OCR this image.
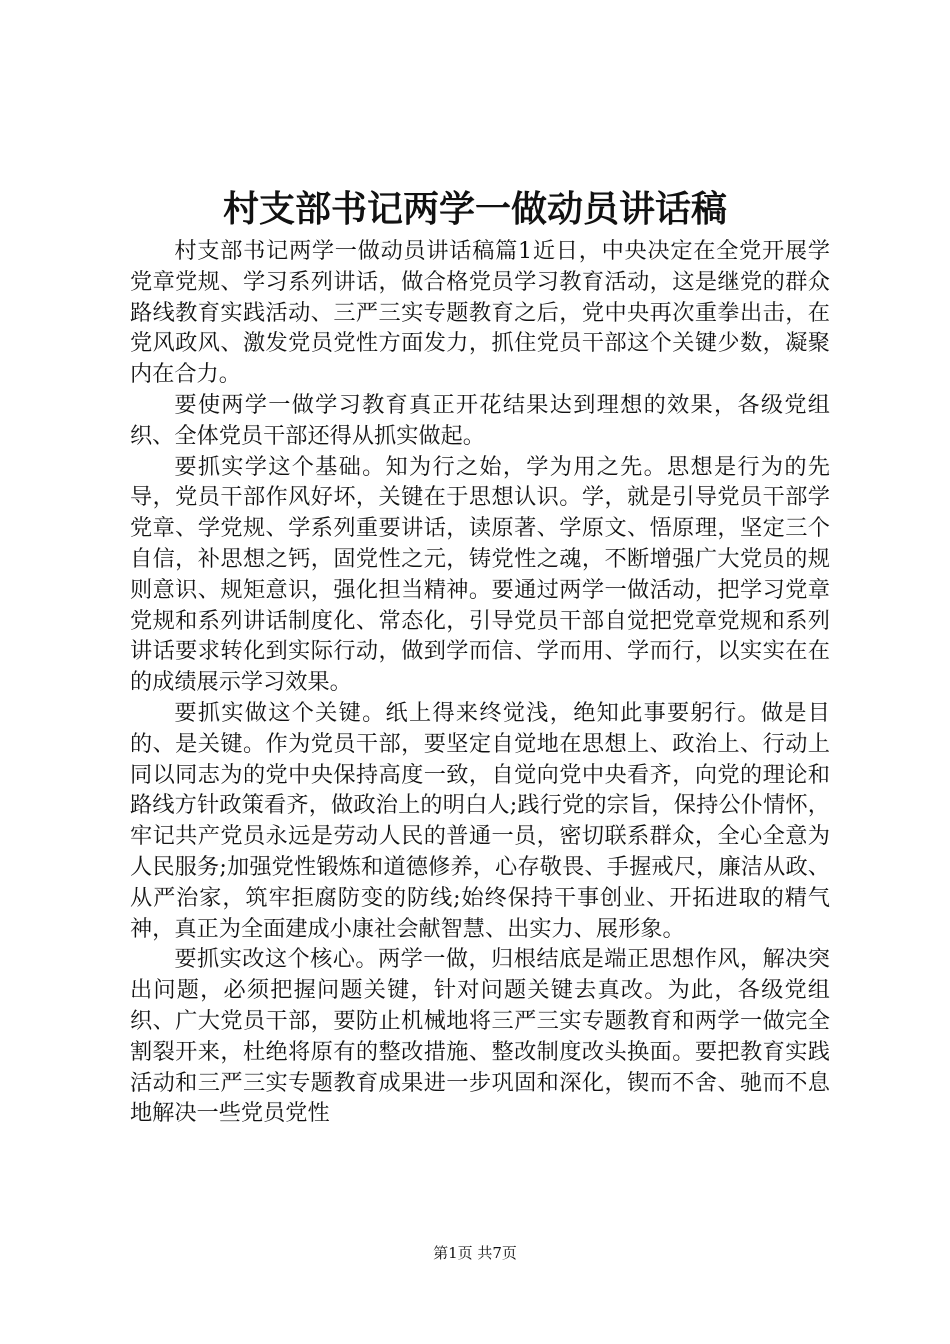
村支部书记两学一做动员讲话稿

村支部书记两学一做动员讲话稿篇1近日，中央决定在全党开展学党章党规、学习系列讲话，做合格党员学习教育活动，这是继党的群众路线教育实践活动、三严三实专题教育之后，党中央再次重拳出击，在党风政风、激发党员党性方面发力，抓住党员干部这个关键少数，凝聚内在合力。

要使两学一做学习教育真正开花结果达到理想的效果，各级党组织、全体党员干部还得从抓实做起。

要抓实学这个基础。知为行之始，学为用之先。思想是行为的先导，党员干部作风好坏，关键在于思想认识。学，就是引导党员干部学党章、学党规、学系列重要讲话，读原著、学原文、悟原理，坚定三个自信，补思想之钙，固党性之元，铸党性之魂，不断增强广大党员的规则意识、规矩意识，强化担当精神。要通过两学一做活动，把学习党章党规和系列讲话制度化、常态化，引导党员干部自觉把党章党规和系列讲话要求转化到实际行动，做到学而信、学而用、学而行，以实实在在的成绩展示学习效果。

要抓实做这个关键。纸上得来终觉浅，绝知此事要躬行。做是目的、是关键。作为党员干部，要坚定自觉地在思想上、政治上、行动上同以同志为的党中央保持高度一致，自觉向党中央看齐，向党的理论和路线方针政策看齐，做政治上的明白人;践行党的宗旨，保持公仆情怀，牢记共产党员永远是劳动人民的普通一员，密切联系群众，全心全意为人民服务;加强党性锻炼和道德修养，心存敬畏、手握戒尺，廉洁从政、从严治家，筑牢拒腐防变的防线;始终保持干事创业、开拓进取的精气神，真正为全面建成小康社会献智慧、出实力、展形象。

要抓实改这个核心。两学一做，归根结底是端正思想作风，解决突出问题，必须把握问题关键，针对问题关键去真改。为此，各级党组织、广大党员干部，要防止机械地将三严三实专题教育和两学一做完全割裂开来，杜绝将原有的整改措施、整改制度改头换面。要把教育实践活动和三严三实专题教育成果进一步巩固和深化，锲而不舍、驰而不息地解决一些党员党性

第1页 共7页
